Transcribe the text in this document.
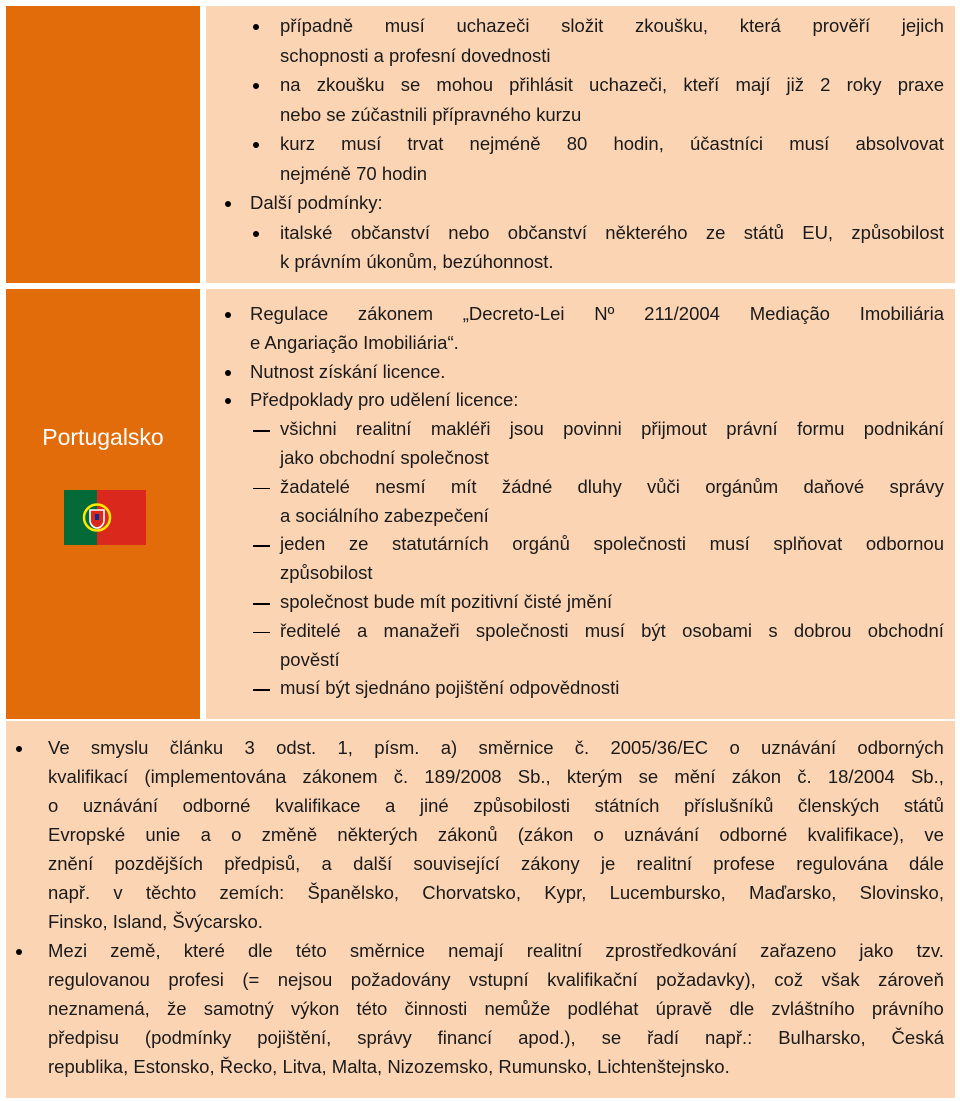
případně musí uchazeči složit zkoušku, která prověří jejich
schopnosti a profesní dovednosti
na zkoušku se mohou přihlásit uchazeči, kteří mají již 2 roky praxe
nebo se zúčastnili přípravného kurzu
kurz musí trvat nejméně 80 hodin, účastníci musí absolvovat
nejméně 70 hodin
Další podmínky:
italské občanství nebo občanství některého ze států EU, způsobilost
k právním úkonům, bezúhonnost.
Portugalsko
Regulace zákonem „Decreto-Lei Nº 211/2004 Mediação Imobiliária
e Angariação Imobiliária“.
Nutnost získání licence.
Předpoklady pro udělení licence:
všichni realitní makléři jsou povinni přijmout právní formu podnikání
jako obchodní společnost
žadatelé nesmí mít žádné dluhy vůči orgánům daňové správy
a sociálního zabezpečení
jeden ze statutárních orgánů společnosti musí splňovat odbornou
způsobilost
společnost bude mít pozitivní čisté jmění
ředitelé a manažeři společnosti musí být osobami s dobrou obchodní
pověstí
musí být sjednáno pojištění odpovědnosti
Ve smyslu článku 3 odst. 1, písm. a) směrnice č. 2005/36/EC o uznávání odborných
kvalifikací (implementována zákonem č. 189/2008 Sb., kterým se mění zákon č. 18/2004 Sb.,
o uznávání odborné kvalifikace a jiné způsobilosti státních příslušníků členských států
Evropské unie a o změně některých zákonů (zákon o uznávání odborné kvalifikace), ve
znění pozdějších předpisů, a další související zákony je realitní profese regulována dále
např. v těchto zemích: Španělsko, Chorvatsko, Kypr, Lucembursko, Maďarsko, Slovinsko,
Finsko, Island, Švýcarsko.
Mezi země, které dle této směrnice nemají realitní zprostředkování zařazeno jako tzv.
regulovanou profesi (= nejsou požadovány vstupní kvalifikační požadavky), což však zároveň
neznamená, že samotný výkon této činnosti nemůže podléhat úpravě dle zvláštního právního
předpisu (podmínky pojištění, správy financí apod.), se řadí např.: Bulharsko, Česká
republika, Estonsko, Řecko, Litva, Malta, Nizozemsko, Rumunsko, Lichtenštejnsko.
